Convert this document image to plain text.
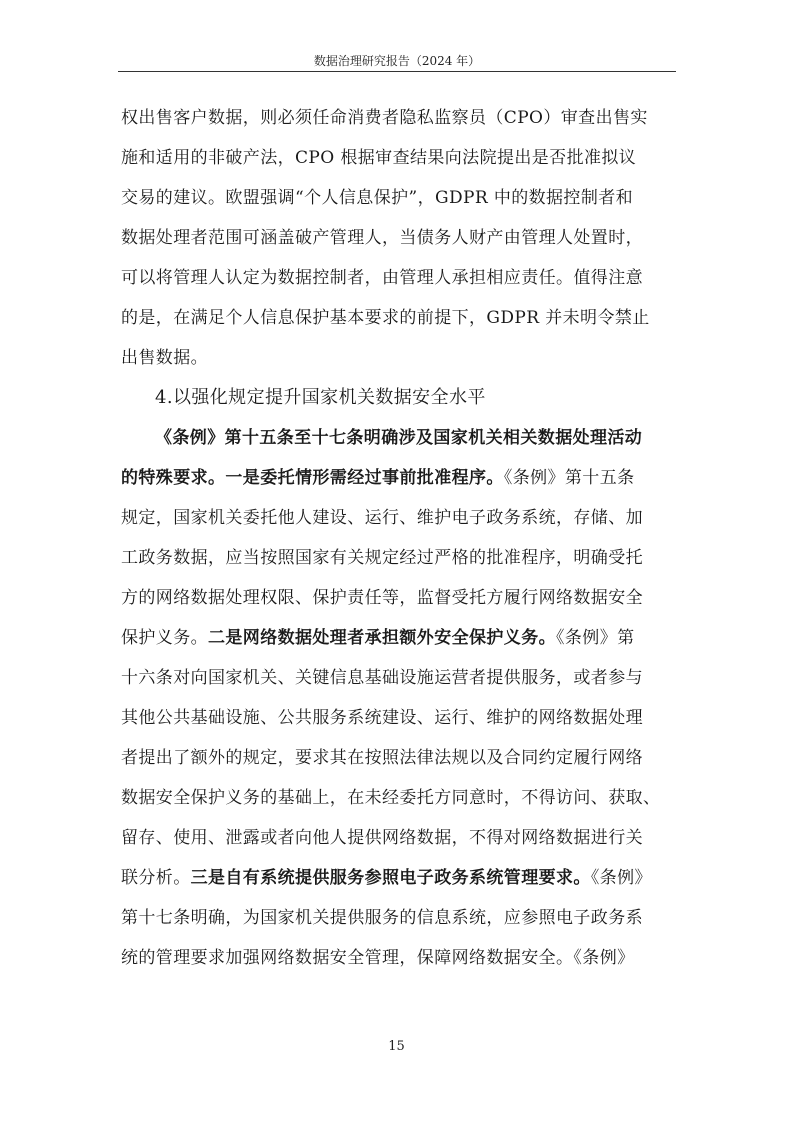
数据治理研究报告（2024 年）
权出售客户数据，则必须任命消费者隐私监察员（CPO）审查出售实
施和适用的非破产法，CPO 根据审查结果向法院提出是否批准拟议
交易的建议。欧盟强调“个人信息保护”，GDPR 中的数据控制者和
数据处理者范围可涵盖破产管理人，当债务人财产由管理人处置时，
可以将管理人认定为数据控制者，由管理人承担相应责任。值得注意
的是，在满足个人信息保护基本要求的前提下，GDPR 并未明令禁止
出售数据。
4.以强化规定提升国家机关数据安全水平
《条例》第十五条至十七条明确涉及国家机关相关数据处理活动
的特殊要求。一是委托情形需经过事前批准程序。《条例》第十五条
规定，国家机关委托他人建设、运行、维护电子政务系统，存储、加
工政务数据，应当按照国家有关规定经过严格的批准程序，明确受托
方的网络数据处理权限、保护责任等，监督受托方履行网络数据安全
保护义务。二是网络数据处理者承担额外安全保护义务。《条例》第
十六条对向国家机关、关键信息基础设施运营者提供服务，或者参与
其他公共基础设施、公共服务系统建设、运行、维护的网络数据处理
者提出了额外的规定，要求其在按照法律法规以及合同约定履行网络
数据安全保护义务的基础上，在未经委托方同意时，不得访问、获取、
留存、使用、泄露或者向他人提供网络数据，不得对网络数据进行关
联分析。三是自有系统提供服务参照电子政务系统管理要求。《条例》
第十七条明确，为国家机关提供服务的信息系统，应参照电子政务系
统的管理要求加强网络数据安全管理，保障网络数据安全。《条例》
15
